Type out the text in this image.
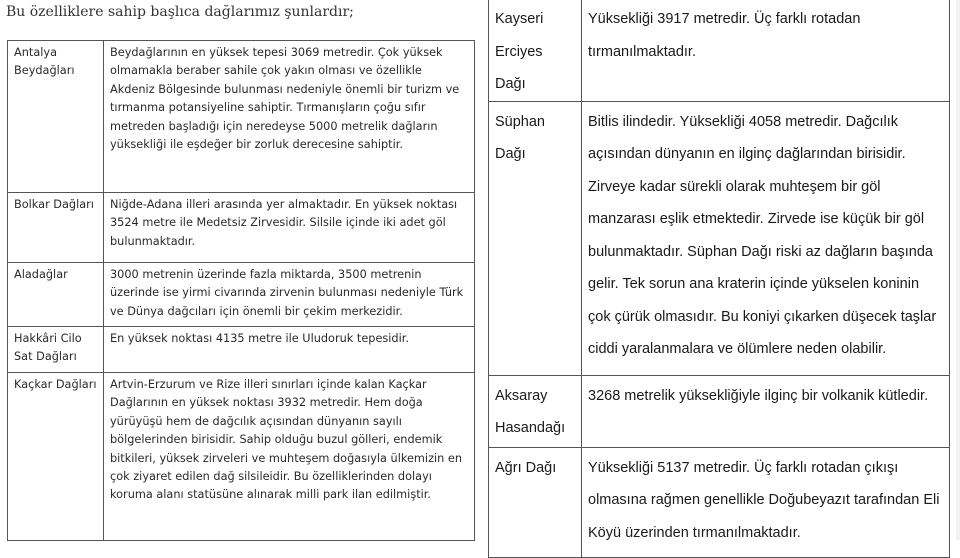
Bu özelliklere sahip başlıca dağlarımız şunlardır;
Antalya Beydağları	Beydağlarının en yüksek tepesi 3069 metredir. Çok yüksek olmamakla beraber sahile çok yakın olması ve özellikle Akdeniz Bölgesinde bulunması nedeniyle önemli bir turizm ve tırmanma potansiyeline sahiptir. Tırmanışların çoğu sıfır metreden başladığı için neredeyse 5000 metrelik dağların yüksekliği ile eşdeğer bir zorluk derecesine sahiptir.
Bolkar Dağları	Niğde-Adana illeri arasında yer almaktadır. En yüksek noktası 3524 metre ile Medetsiz Zirvesidir. Silsile içinde iki adet göl bulunmaktadır.
Aladağlar	3000 metrenin üzerinde fazla miktarda, 3500 metrenin üzerinde ise yirmi civarında zirvenin bulunması nedeniyle Türk ve Dünya dağcıları için önemli bir çekim merkezidir.
Hakkâri Cilo Sat Dağları	En yüksek noktası 4135 metre ile Uludoruk tepesidir.
Kaçkar Dağları	Artvin-Erzurum ve Rize illeri sınırları içinde kalan Kaçkar Dağlarının en yüksek noktası 3932 metredir. Hem doğa yürüyüşü hem de dağcılık açısından dünyanın sayılı bölgelerinden birisidir. Sahip olduğu buzul gölleri, endemik bitkileri, yüksek zirveleri ve muhteşem doğasıyla ülkemizin en çok ziyaret edilen dağ silsileidir. Bu özelliklerinden dolayı koruma alanı statüsüne alınarak milli park ilan edilmiştir.
Kayseri Erciyes Dağı	Yüksekliği 3917 metredir. Üç farklı rotadan tırmanılmaktadır.
Süphan Dağı	Bitlis ilindedir. Yüksekliği 4058 metredir. Dağcılık açısından dünyanın en ilginç dağlarından birisidir. Zirveye kadar sürekli olarak muhteşem bir göl manzarası eşlik etmektedir. Zirvede ise küçük bir göl bulunmaktadır. Süphan Dağı riski az dağların başında gelir. Tek sorun ana kraterin içinde yükselen koninin çok çürük olmasıdır. Bu koniyi çıkarken düşecek taşlar ciddi yaralanmalara ve ölümlere neden olabilir.
Aksaray Hasandağı	3268 metrelik yüksekliğiyle ilginç bir volkanik kütledir.
Ağrı Dağı	Yüksekliği 5137 metredir. Üç farklı rotadan çıkışı olmasına rağmen genellikle Doğubeyazıt tarafından Eli Köyü üzerinden tırmanılmaktadır.
